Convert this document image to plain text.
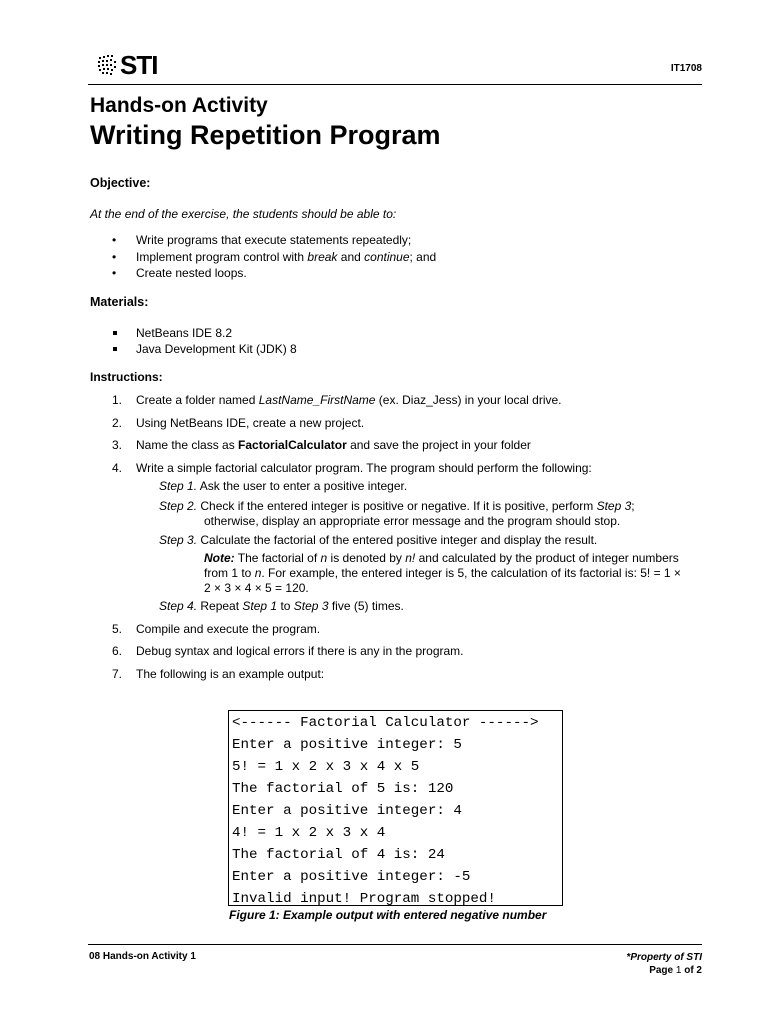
STI	IT1708
Hands-on Activity
Writing Repetition Program
Objective:
At the end of the exercise, the students should be able to:
• Write programs that execute statements repeatedly;
• Implement program control with break and continue; and
• Create nested loops.
Materials:
NetBeans IDE 8.2
Java Development Kit (JDK) 8
Instructions:
1. Create a folder named LastName_FirstName (ex. Diaz_Jess) in your local drive.
2. Using NetBeans IDE, create a new project.
3. Name the class as FactorialCalculator and save the project in your folder
4. Write a simple factorial calculator program. The program should perform the following:
Step 1. Ask the user to enter a positive integer.
Step 2. Check if the entered integer is positive or negative. If it is positive, perform Step 3;
otherwise, display an appropriate error message and the program should stop.
Step 3. Calculate the factorial of the entered positive integer and display the result.
Note: The factorial of n is denoted by n! and calculated by the product of integer numbers
from 1 to n. For example, the entered integer is 5, the calculation of its factorial is: 5! = 1 ×
2 × 3 × 4 × 5 = 120.
Step 4. Repeat Step 1 to Step 3 five (5) times.
5. Compile and execute the program.
6. Debug syntax and logical errors if there is any in the program.
7. The following is an example output:
<------ Factorial Calculator ------>
Enter a positive integer: 5
5! = 1 x 2 x 3 x 4 x 5
The factorial of 5 is: 120
Enter a positive integer: 4
4! = 1 x 2 x 3 x 4
The factorial of 4 is: 24
Enter a positive integer: -5
Invalid input! Program stopped!
Figure 1: Example output with entered negative number
08 Hands-on Activity 1	*Property of STI
Page 1 of 2
